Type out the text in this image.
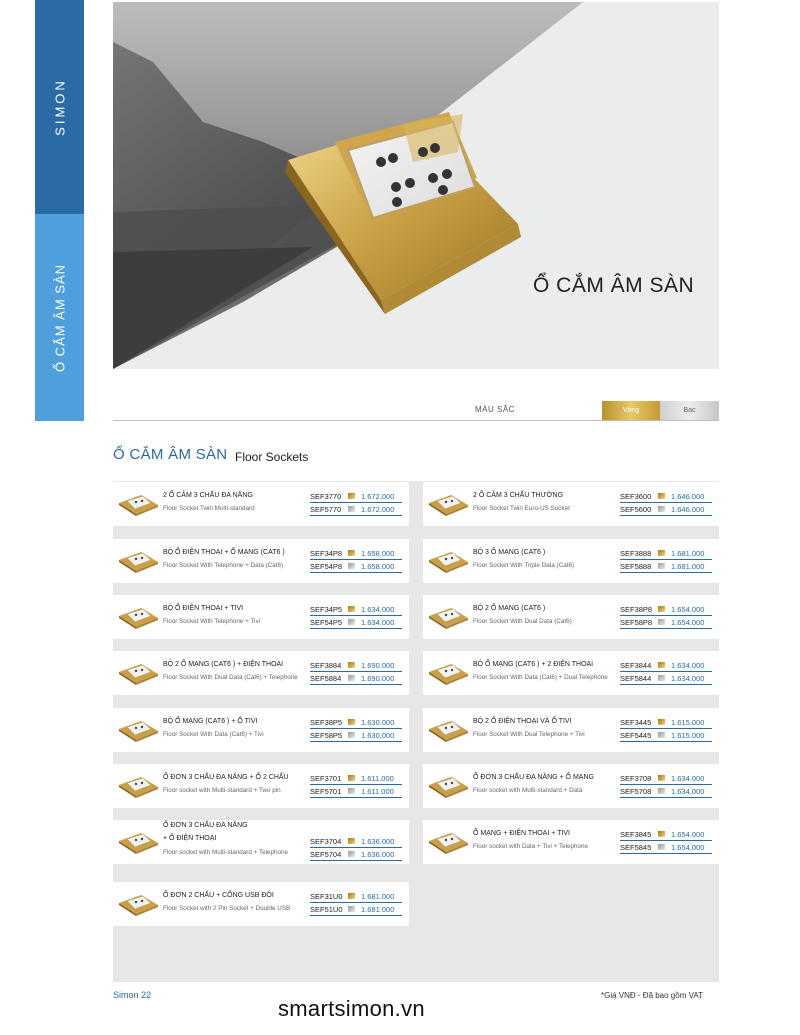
SIMON
Ổ CẮM ÂM SÀN	Ổ CẮM ÂM SÀN
MÀU SẮC	Vàng	Bạc
Ổ CẮM ÂM SÀN Floor Sockets
2 Ổ CẮM 3 CHẤU ĐA NĂNG
Floor Socket Twin Multi-standard
SEF3770	1.672.000
SEF5770	1.672.000
2 Ổ CẮM 3 CHẤU THƯỜNG
Floor Socket Twin Euro-US Socket
SEF3600	1.646.000
SEF5600	1.646.000
BỘ Ổ ĐIỆN THOẠI + Ổ MẠNG (CAT6 )
Floor Socket With Telephone + Data (Cat6)
SEF34P8	1.658.000
SEF54P8	1.658.000
BỘ 3 Ổ MẠNG (CAT6 )
Floor Socket With Triple Data (Cat6)
SEF3888	1.681.000
SEF5888	1.681.000
BỘ Ổ ĐIỆN THOẠI + TIVI
Floor Socket With Telephone + Tivi
SEF34P5	1.634.000
SEF54P5	1.634.000
BỘ 2 Ổ MẠNG (CAT6 )
Floor Socket With Dual Data (Cat6)
SEF38P8	1.654.000
SEF58P8	1.654.000
BỘ 2 Ổ MẠNG (CAT6 ) + ĐIỆN THOẠI
Floor Socket With Dual Data (Cat6) + Telephone
SEF3884	1.690.000
SEF5884	1.690.000
BỘ Ổ MẠNG (CAT6 ) + 2 ĐIỆN THOẠI
Floor Socket With Data (Cat6) + Dual Telephone
SEF3844	1.634.000
SEF5844	1.634.000
BỘ Ổ MẠNG (CAT6 ) + Ổ TIVI
Floor Socket With Data (Cat6) + Tivi
SEF38P5	1.630.000
SEF58P5	1.630.000
BỘ 2 Ổ ĐIỆN THOẠI VÀ Ổ TIVI
Floor Socket With Dual Telephone + Tivi
SEF3445	1.615.000
SEF5445	1.615.000
Ổ ĐƠN 3 CHẤU ĐA NĂNG + Ổ 2 CHẤU
Floor socket with Multi-standard + Two pin
SEF3701	1.611.000
SEF5701	1.611.000
Ổ ĐƠN 3 CHẤU ĐA NĂNG + Ổ MẠNG
Floor socket with Multi-standard + Data
SEF3708	1.634.000
SEF5708	1.634.000
Ổ ĐƠN 3 CHẤU ĐA NĂNG
+ Ổ ĐIỆN THOẠI
Floor socket with Multi-standard + Telephone
SEF3704	1.636.000
SEF5704	1.636.000
Ổ MẠNG + ĐIỆN THOẠI + TIVI
Floor socket with Data + Tivi + Telephone
SEF3845	1.654.000
SEF5845	1.654.000
Ổ ĐƠN 2 CHẤU + CỔNG USB ĐÔI
Floor Socket with 2 Pin Socket + Double USB
SEF31U0 1.681.000
SEF51U0 1.681.000
Simon 22	*Giá VNĐ - Đã bao gồm VAT
smartsimon.vn
